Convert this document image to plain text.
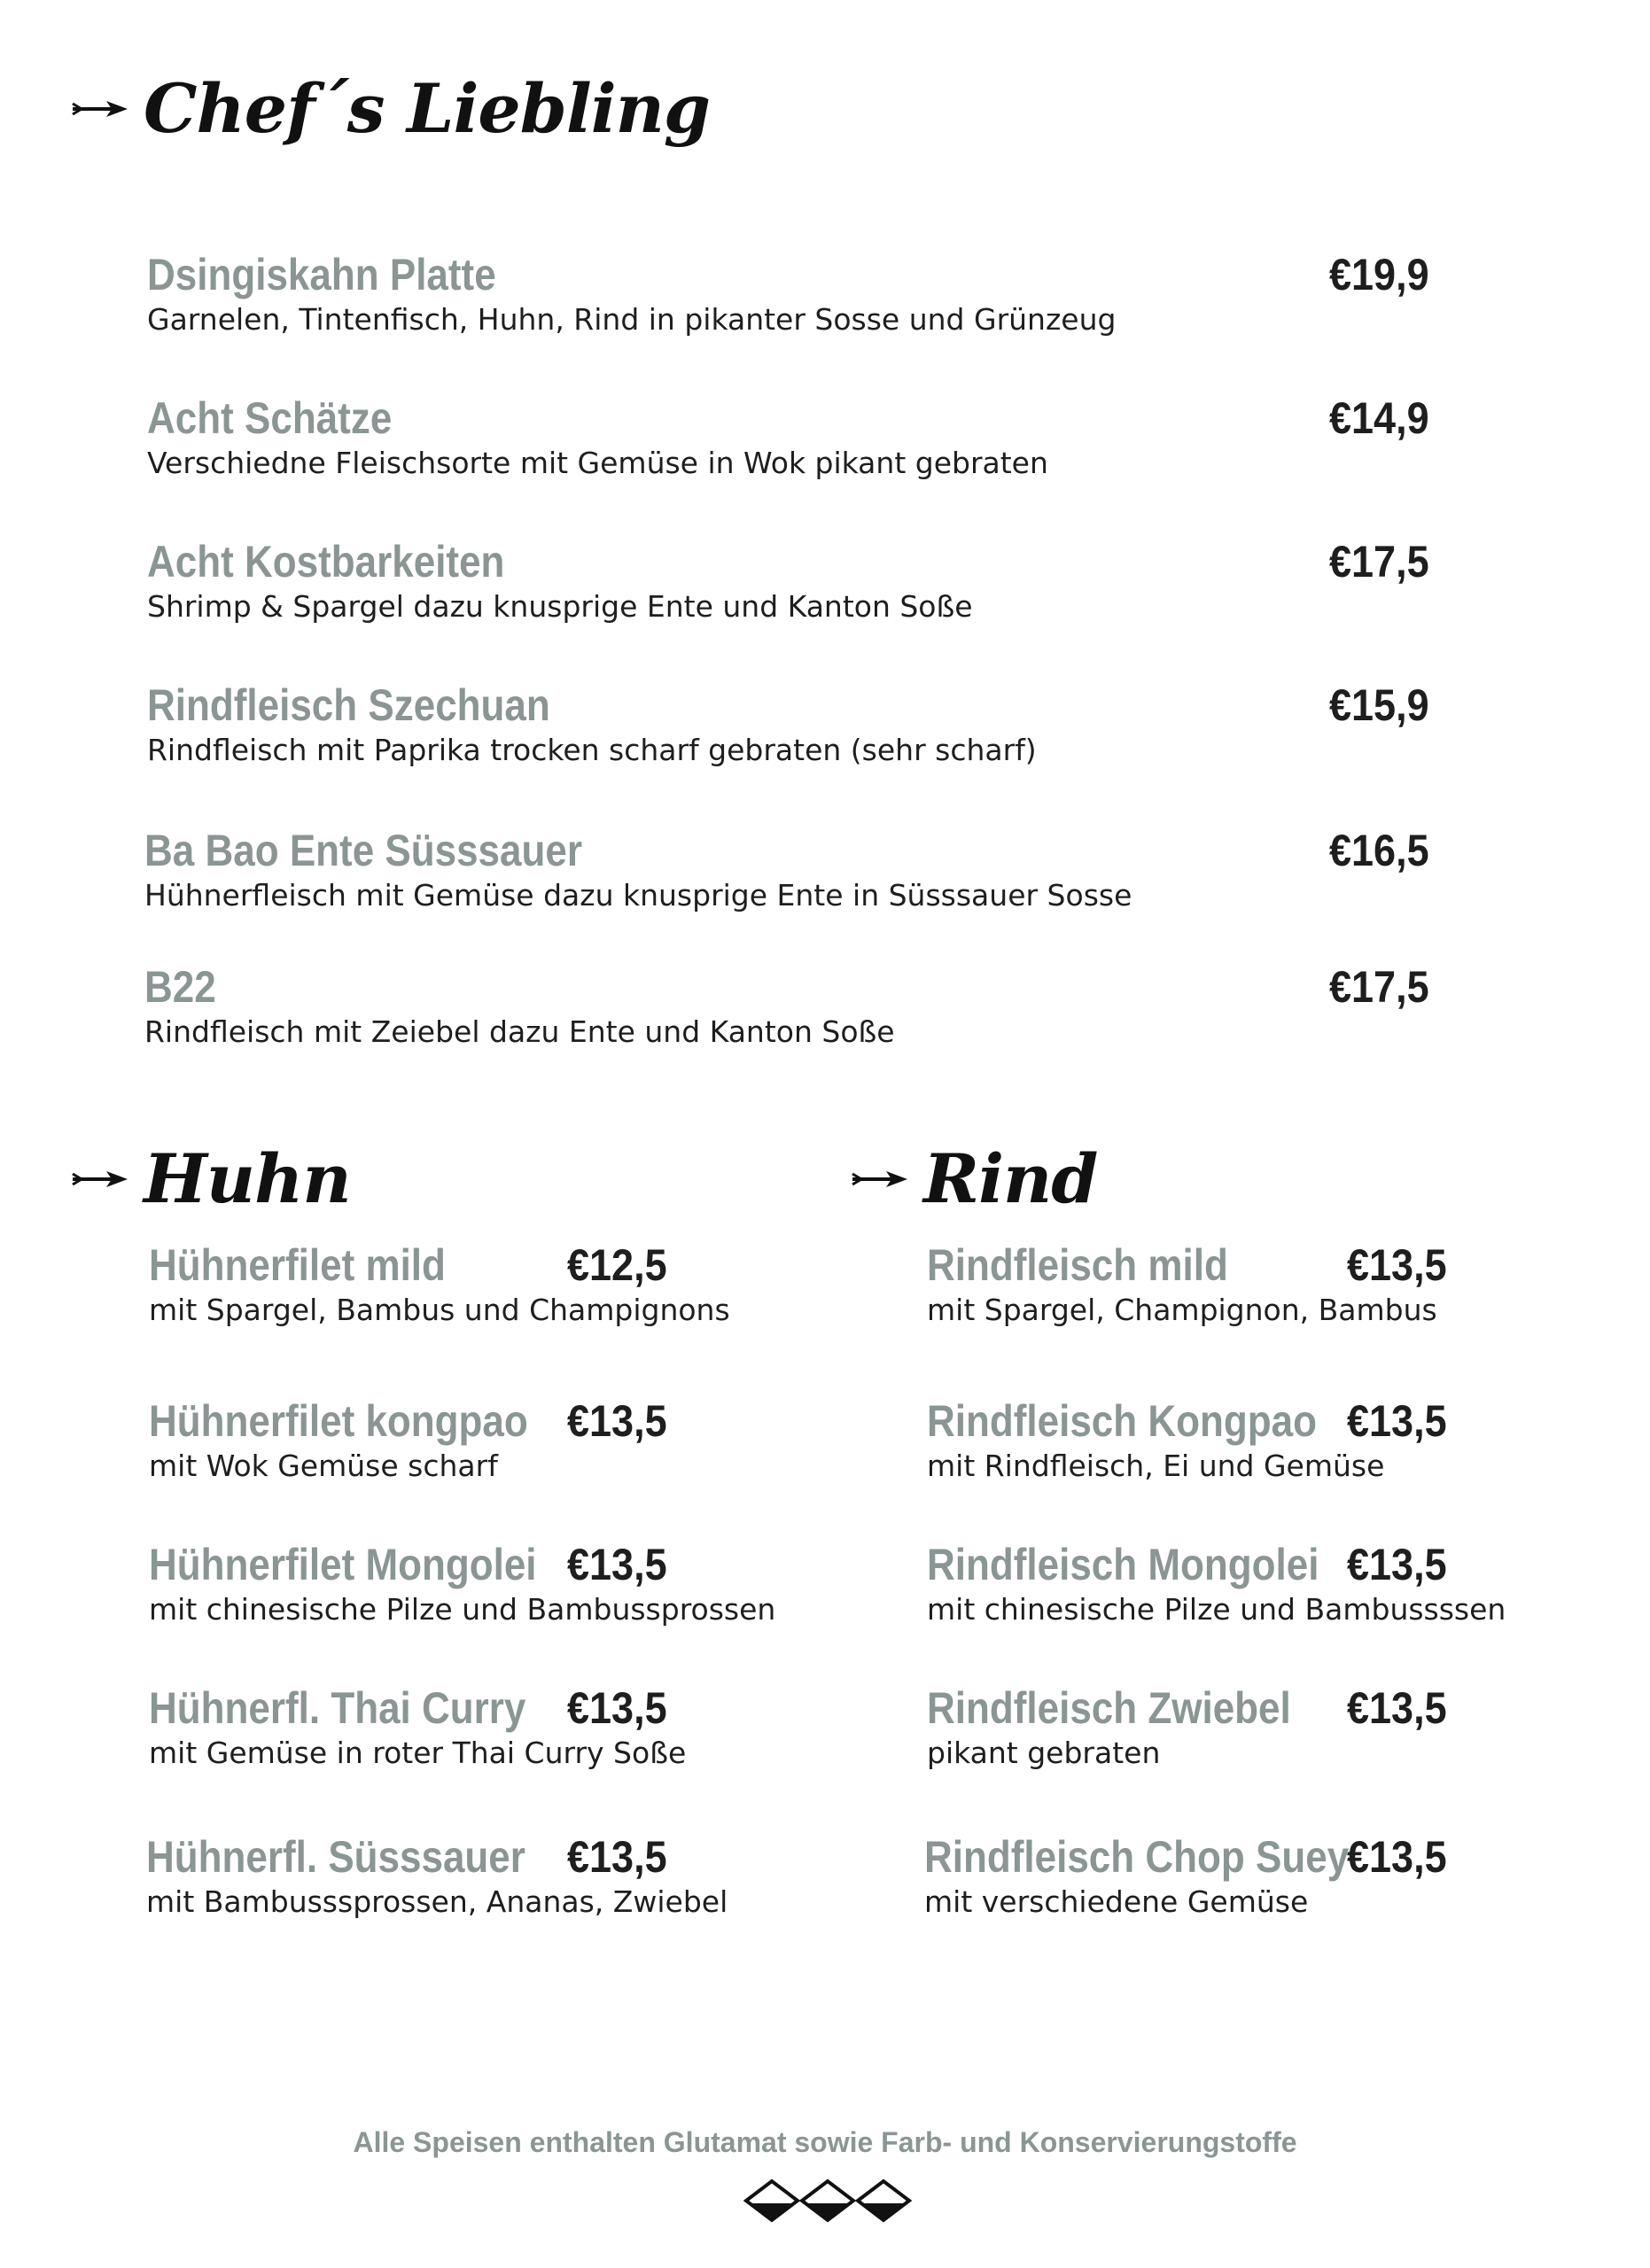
Chef´s Liebling
Dsingiskahn Platte
Garnelen, Tintenfisch, Huhn, Rind in pikanter Sosse und Grünzeug
€19,9
Acht Schätze
Verschiedne Fleischsorte mit Gemüse in Wok pikant gebraten
€14,9
Acht Kostbarkeiten
Shrimp & Spargel dazu knusprige Ente und Kanton Soße
€17,5
Rindfleisch Szechuan
Rindfleisch mit Paprika trocken scharf gebraten (sehr scharf)
€15,9
Ba Bao Ente Süsssauer
Hühnerfleisch mit Gemüse dazu knusprige Ente in Süsssauer Sosse
€16,5
B22
Rindfleisch mit Zeiebel dazu Ente und Kanton Soße
€17,5
Huhn	Rind
Hühnerfilet mild
mit Spargel, Bambus und Champignons
€12,5
Hühnerfilet kongpao
mit Wok Gemüse scharf
€13,5
Hühnerfilet Mongolei
mit chinesische Pilze und Bambussprossen
€13,5
Hühnerfl. Thai Curry
mit Gemüse in roter Thai Curry Soße
€13,5
Hühnerfl. Süsssauer
mit Bambusssprossen, Ananas, Zwiebel
€13,5
Rindfleisch mild
mit Spargel, Champignon, Bambus
€13,5
Rindfleisch Kongpao
mit Rindfleisch, Ei und Gemüse
€13,5
Rindfleisch Mongolei
mit chinesische Pilze und Bambussssen
€13,5
Rindfleisch Zwiebel
pikant gebraten
€13,5
Rindfleisch Chop Suey
mit verschiedene Gemüse
€13,5
Alle Speisen enthalten Glutamat sowie Farb- und Konservierungstoffe
